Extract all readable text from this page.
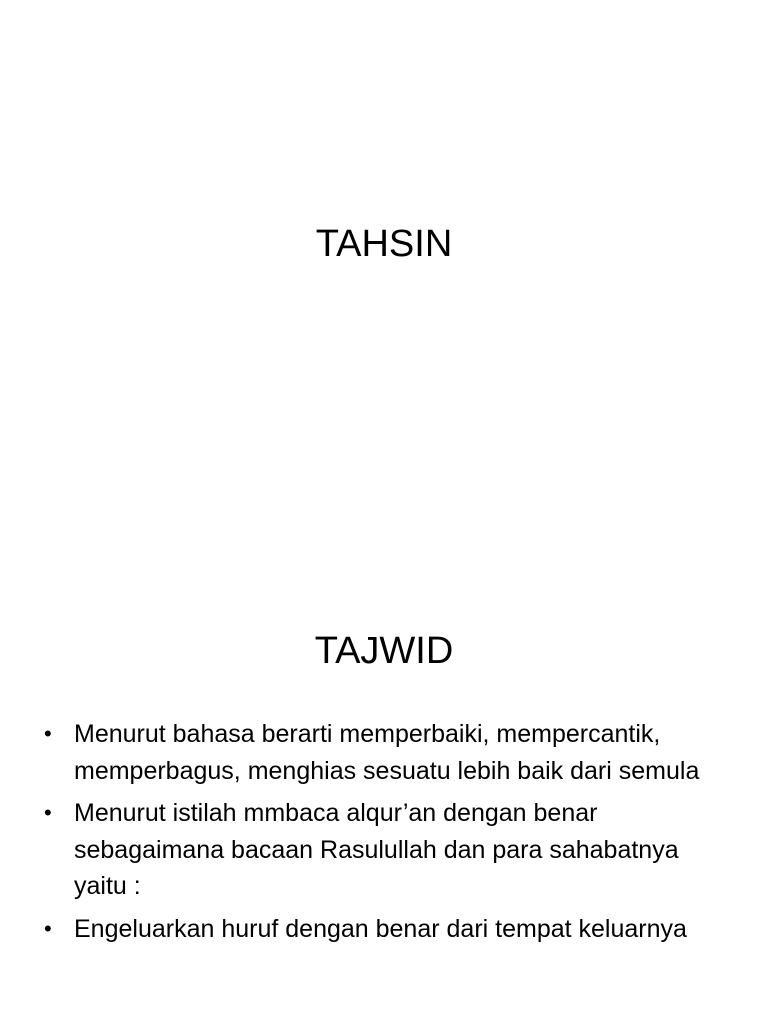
TAHSIN
TAJWID
• Menurut bahasa berarti memperbaiki, mempercantik, memperbagus, menghias sesuatu lebih baik dari semula
• Menurut istilah mmbaca alqur’an dengan benar sebagaimana bacaan Rasulullah dan para sahabatnya yaitu :
• Engeluarkan huruf dengan benar dari tempat keluarnya
